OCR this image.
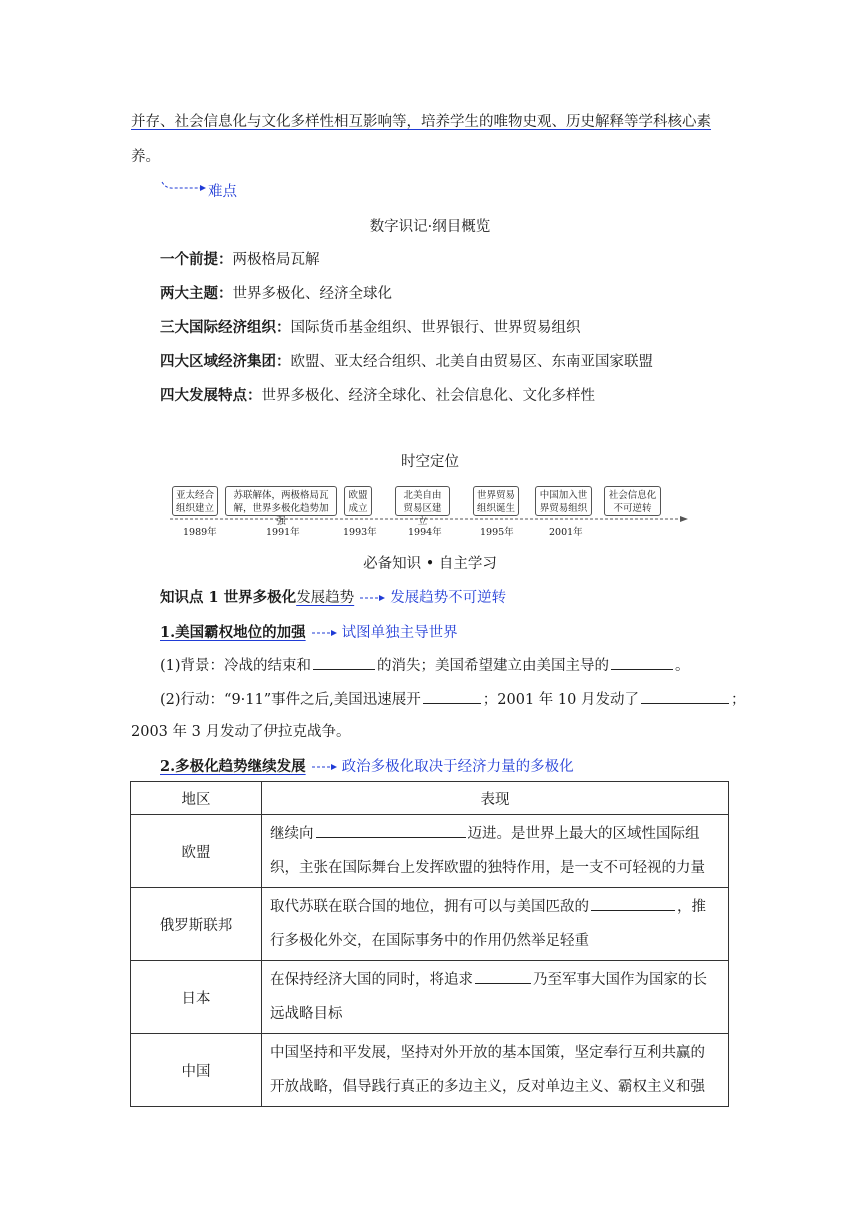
并存、社会信息化与文化多样性相互影响等，培养学生的唯物史观、历史解释等学科核心素
养。
难点
数字识记·纲目概览
一个前提：两极格局瓦解
两大主题：世界多极化、经济全球化
三大国际经济组织：国际货币基金组织、世界银行、世界贸易组织
四大区域经济集团：欧盟、亚太经合组织、北美自由贸易区、东南亚国家联盟
四大发展特点：世界多极化、经济全球化、社会信息化、文化多样性
时空定位
亚太经合组织建立
苏联解体，两极格局瓦解，世界多极化趋势加强
欧盟成立
北美自由贸易区建立
世界贸易组织诞生
中国加入世界贸易组织
社会信息化不可逆转
1989年	1991年	1993年	1994年	1995年	2001年
必备知识 • 自主学习
知识点 1 世界多极化发展趋势 发展趋势不可逆转
1.美国霸权地位的加强 试图单独主导世界
(1)背景：冷战的结束和	的消失；美国希望建立由美国主导的	。
(2)行动：“9·11”事件之后,美国迅速展开	；2001 年 10 月发动了	；
2003 年 3 月发动了伊拉克战争。
2.多极化趋势继续发展 政治多极化取决于经济力量的多极化
地区	表现
欧盟	继续向 迈进。是世界上最大的区域性国际组
织，主张在国际舞台上发挥欧盟的独特作用，是一支不可轻视的力量
俄罗斯联邦	取代苏联在联合国的地位，拥有可以与美国匹敌的 ，推
行多极化外交，在国际事务中的作用仍然举足轻重
日本	在保持经济大国的同时，将追求 乃至军事大国作为国家的长
远战略目标
中国	中国坚持和平发展，坚持对外开放的基本国策，坚定奉行互利共赢的
开放战略，倡导践行真正的多边主义，反对单边主义、霸权主义和强
